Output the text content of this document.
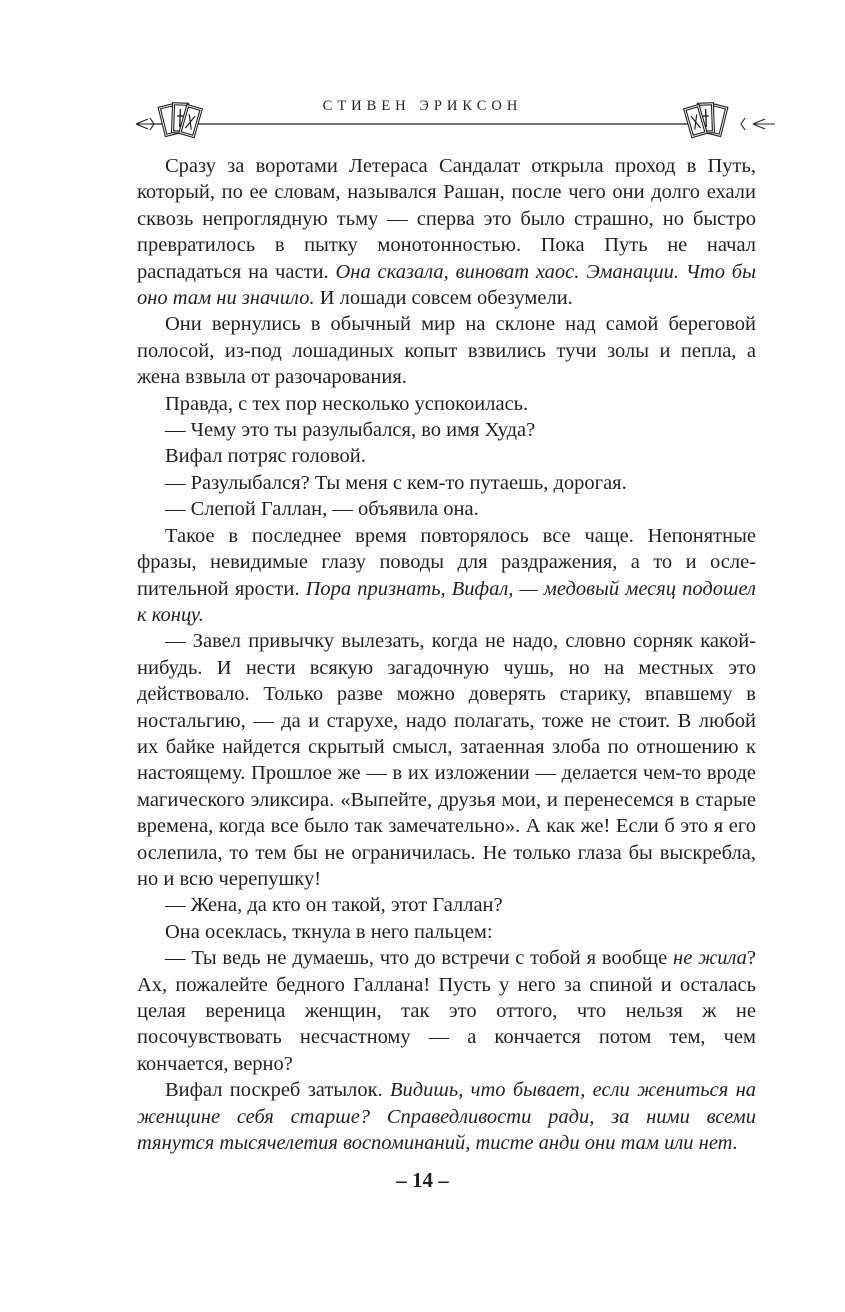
СТИВЕН ЭРИКСОН

Сразу за воротами Летераса Сандалат открыла проход в Путь, который, по ее словам, назывался Рашан, после чего они долго ехали сквозь непроглядную тьму — сперва это было страшно, но быстро превратилось в пытку монотонностью. Пока Путь не начал распадаться на части. Она сказала, виноват хаос. Эманации. Что бы оно там ни значило. И лошади совсем обезумели.

Они вернулись в обычный мир на склоне над самой береговой полосой, из-под лошадиных копыт взвились тучи золы и пепла, а жена взвыла от разочарования.

Правда, с тех пор несколько успокоилась.

— Чему это ты разулыбался, во имя Худа?

Вифал потряс головой.

— Разулыбался? Ты меня с кем-то путаешь, дорогая.

— Слепой Галлан, — объявила она.

Такое в последнее время повторялось все чаще. Непонятные фразы, невидимые глазу поводы для раздражения, а то и ослепительной ярости. Пора признать, Вифал, — медовый месяц подошел к концу.

— Завел привычку вылезать, когда не надо, словно сорняк какой-нибудь. И нести всякую загадочную чушь, но на местных это действовало. Только разве можно доверять старику, впавшему в ностальгию, — да и старухе, надо полагать, тоже не стоит. В любой их байке найдется скрытый смысл, затаенная злоба по отношению к настоящему. Прошлое же — в их изложении — делается чем-то вроде магического эликсира. «Выпейте, друзья мои, и перенесемся в старые времена, когда все было так замечательно». А как же! Если б это я его ослепила, то тем бы не ограничилась. Не только глаза бы выскребла, но и всю черепушку!

— Жена, да кто он такой, этот Галлан?

Она осеклась, ткнула в него пальцем:

— Ты ведь не думаешь, что до встречи с тобой я вообще не жила? Ах, пожалейте бедного Галлана! Пусть у него за спиной и осталась целая вереница женщин, так это оттого, что нельзя ж не посочувствовать несчастному — а кончается потом тем, чем кончается, верно?

Вифал поскреб затылок. Видишь, что бывает, если жениться на женщине себя старше? Справедливости ради, за ними всеми тянутся тысячелетия воспоминаний, тисте анди они там или нет.

– 14 –
